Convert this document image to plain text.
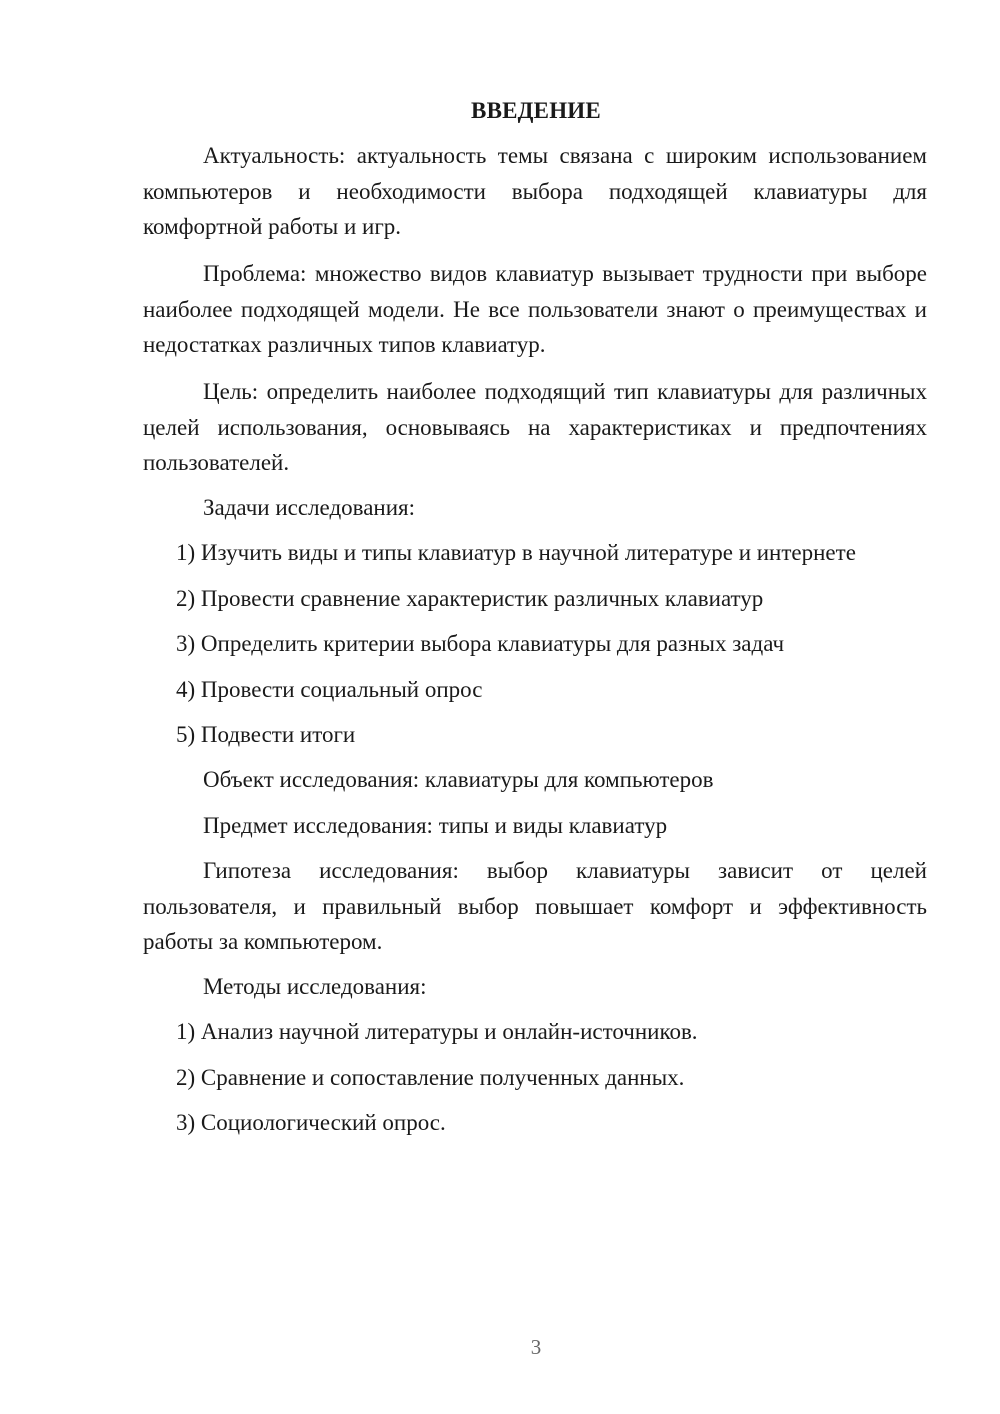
ВВЕДЕНИЕ

Актуальность: актуальность темы связана с широким использованием компьютеров и необходимости выбора подходящей клавиатуры для комфортной работы и игр.

Проблема: множество видов клавиатур вызывает трудности при выборе наиболее подходящей модели. Не все пользователи знают о преимуществах и недостатках различных типов клавиатур.

Цель: определить наиболее подходящий тип клавиатуры для различных целей использования, основываясь на характеристиках и предпочтениях пользователей.

Задачи исследования:
1) Изучить виды и типы клавиатур в научной литературе и интернете
2) Провести сравнение характеристик различных клавиатур
3) Определить критерии выбора клавиатуры для разных задач
4) Провести социальный опрос
5) Подвести итоги
Объект исследования: клавиатуры для компьютеров
Предмет исследования: типы и виды клавиатур

Гипотеза исследования: выбор клавиатуры зависит от целей пользователя, и правильный выбор повышает комфорт и эффективность работы за компьютером.

Методы исследования:
1) Анализ научной литературы и онлайн-источников.
2) Сравнение и сопоставление полученных данных.
3) Социологический опрос.
3
